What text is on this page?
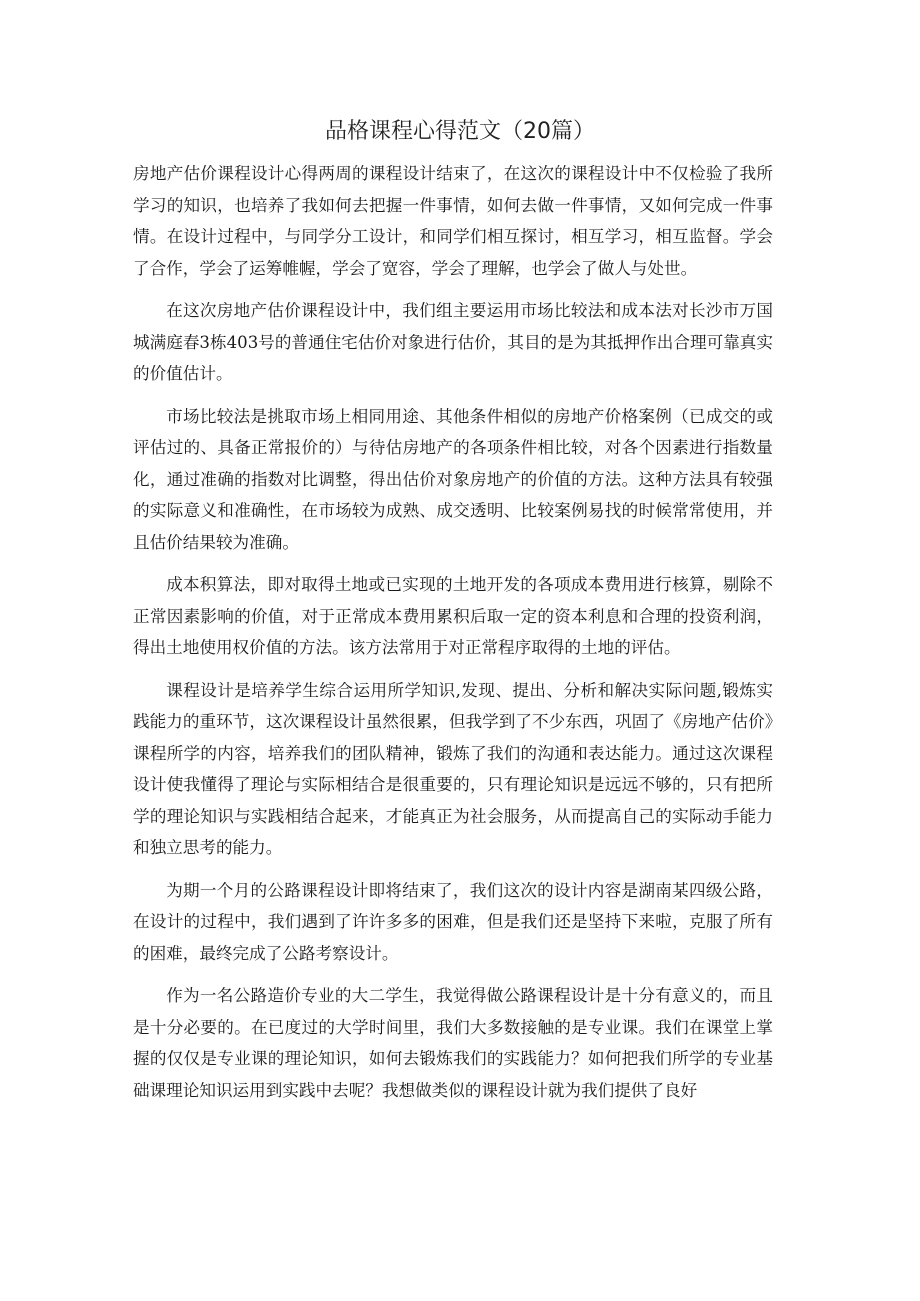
品格课程心得范文（20篇）

房地产估价课程设计心得两周的课程设计结束了，在这次的课程设计中不仅检验了我所学习的知识，也培养了我如何去把握一件事情，如何去做一件事情，又如何完成一件事情。在设计过程中，与同学分工设计，和同学们相互探讨，相互学习，相互监督。学会了合作，学会了运筹帷幄，学会了宽容，学会了理解，也学会了做人与处世。

在这次房地产估价课程设计中，我们组主要运用市场比较法和成本法对长沙市万国城满庭春3栋403号的普通住宅估价对象进行估价，其目的是为其抵押作出合理可靠真实的价值估计。

市场比较法是挑取市场上相同用途、其他条件相似的房地产价格案例（已成交的或评估过的、具备正常报价的）与待估房地产的各项条件相比较，对各个因素进行指数量化，通过准确的指数对比调整，得出估价对象房地产的价值的方法。这种方法具有较强的实际意义和准确性，在市场较为成熟、成交透明、比较案例易找的时候常常使用，并且估价结果较为准确。

成本积算法，即对取得土地或已实现的土地开发的各项成本费用进行核算，剔除不正常因素影响的价值，对于正常成本费用累积后取一定的资本利息和合理的投资利润，得出土地使用权价值的方法。该方法常用于对正常程序取得的土地的评估。

课程设计是培养学生综合运用所学知识,发现、提出、分析和解决实际问题,锻炼实践能力的重环节，这次课程设计虽然很累，但我学到了不少东西，巩固了《房地产估价》课程所学的内容，培养我们的团队精神，锻炼了我们的沟通和表达能力。通过这次课程设计使我懂得了理论与实际相结合是很重要的，只有理论知识是远远不够的，只有把所学的理论知识与实践相结合起来，才能真正为社会服务，从而提高自己的实际动手能力和独立思考的能力。

为期一个月的公路课程设计即将结束了，我们这次的设计内容是湖南某四级公路，在设计的过程中，我们遇到了许许多多的困难，但是我们还是坚持下来啦，克服了所有的困难，最终完成了公路考察设计。

作为一名公路造价专业的大二学生，我觉得做公路课程设计是十分有意义的，而且是十分必要的。在已度过的大学时间里，我们大多数接触的是专业课。我们在课堂上掌握的仅仅是专业课的理论知识，如何去锻炼我们的实践能力？如何把我们所学的专业基础课理论知识运用到实践中去呢？我想做类似的课程设计就为我们提供了良好
